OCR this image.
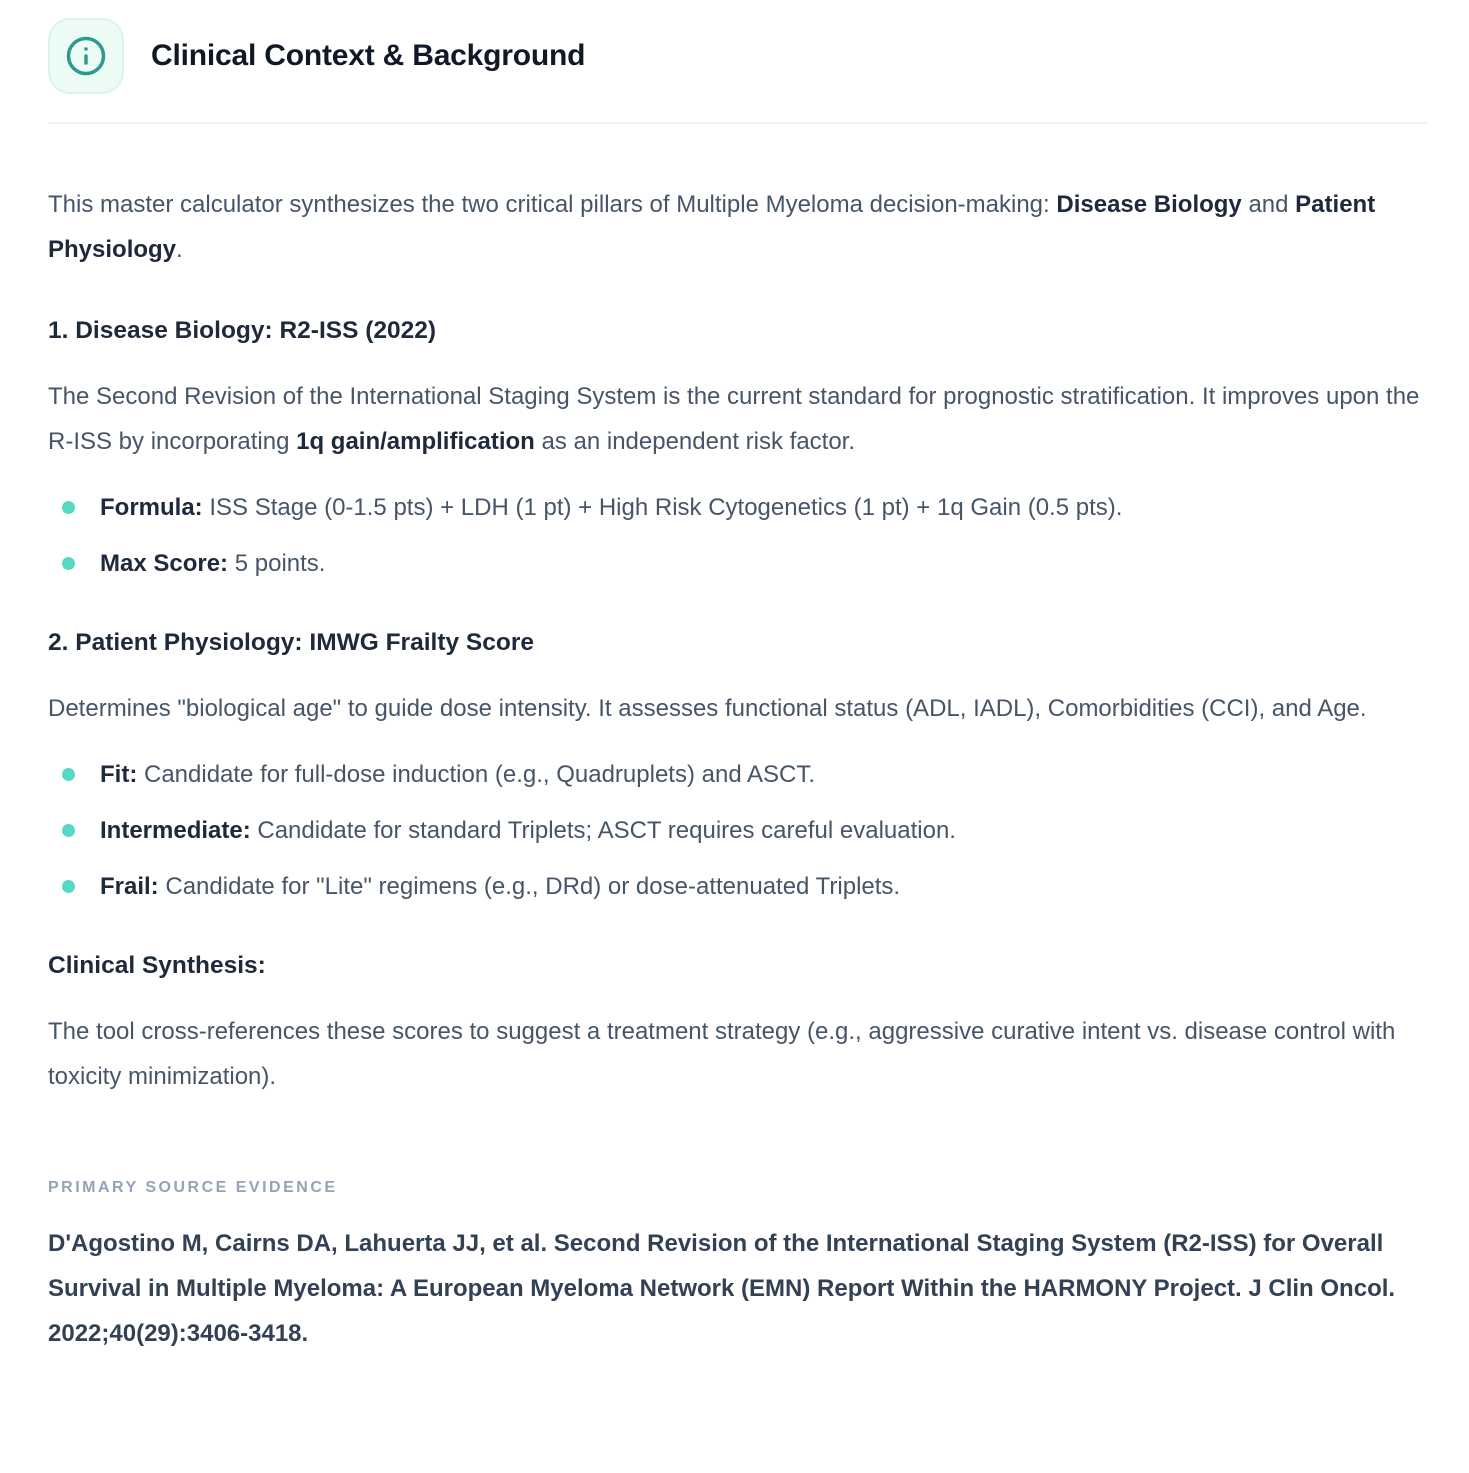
Clinical Context & Background

This master calculator synthesizes the two critical pillars of Multiple Myeloma decision-making: Disease Biology and Patient Physiology.

1. Disease Biology: R2-ISS (2022)

The Second Revision of the International Staging System is the current standard for prognostic stratification. It improves upon the R-ISS by incorporating 1q gain/amplification as an independent risk factor.

Formula: ISS Stage (0-1.5 pts) + LDH (1 pt) + High Risk Cytogenetics (1 pt) + 1q Gain (0.5 pts).
Max Score: 5 points.
2. Patient Physiology: IMWG Frailty Score

Determines "biological age" to guide dose intensity. It assesses functional status (ADL, IADL), Comorbidities (CCI), and Age.

Fit: Candidate for full-dose induction (e.g., Quadruplets) and ASCT.
Intermediate: Candidate for standard Triplets; ASCT requires careful evaluation.
Frail: Candidate for "Lite" regimens (e.g., DRd) or dose-attenuated Triplets.
Clinical Synthesis:

The tool cross-references these scores to suggest a treatment strategy (e.g., aggressive curative intent vs. disease control with toxicity minimization).

PRIMARY SOURCE EVIDENCE

D'Agostino M, Cairns DA, Lahuerta JJ, et al. Second Revision of the International Staging System (R2-ISS) for Overall Survival in Multiple Myeloma: A European Myeloma Network (EMN) Report Within the HARMONY Project. J Clin Oncol. 2022;40(29):3406-3418.
